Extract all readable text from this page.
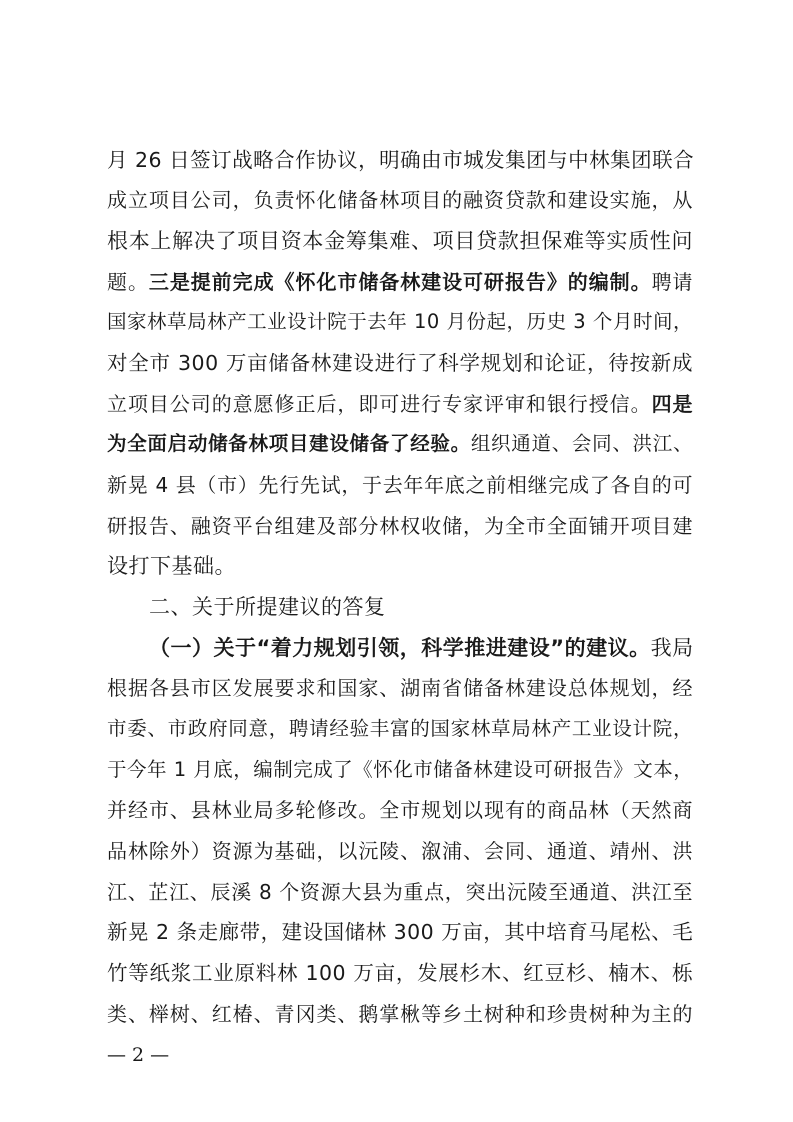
月 26 日签订战略合作协议，明确由市城发集团与中林集团联合
成立项目公司，负责怀化储备林项目的融资贷款和建设实施，从
根本上解决了项目资本金筹集难、项目贷款担保难等实质性问
题。三是提前完成《怀化市储备林建设可研报告》的编制。聘请
国家林草局林产工业设计院于去年 10 月份起，历史 3 个月时间，
对全市 300 万亩储备林建设进行了科学规划和论证，待按新成
立项目公司的意愿修正后，即可进行专家评审和银行授信。四是
为全面启动储备林项目建设储备了经验。组织通道、会同、洪江、
新晃 4 县（市）先行先试，于去年年底之前相继完成了各自的可
研报告、融资平台组建及部分林权收储，为全市全面铺开项目建
设打下基础。
二、关于所提建议的答复
（一）关于“着力规划引领，科学推进建设”的建议。我局
根据各县市区发展要求和国家、湖南省储备林建设总体规划，经
市委、市政府同意，聘请经验丰富的国家林草局林产工业设计院，
于今年 1 月底，编制完成了《怀化市储备林建设可研报告》文本，
并经市、县林业局多轮修改。全市规划以现有的商品林（天然商
品林除外）资源为基础，以沅陵、溆浦、会同、通道、靖州、洪
江、芷江、辰溪 8 个资源大县为重点，突出沅陵至通道、洪江至
新晃 2 条走廊带，建设国储林 300 万亩，其中培育马尾松、毛
竹等纸浆工业原料林 100 万亩，发展杉木、红豆杉、楠木、栎
类、榉树、红椿、青冈类、鹅掌楸等乡土树种和珍贵树种为主的
— 2 —
